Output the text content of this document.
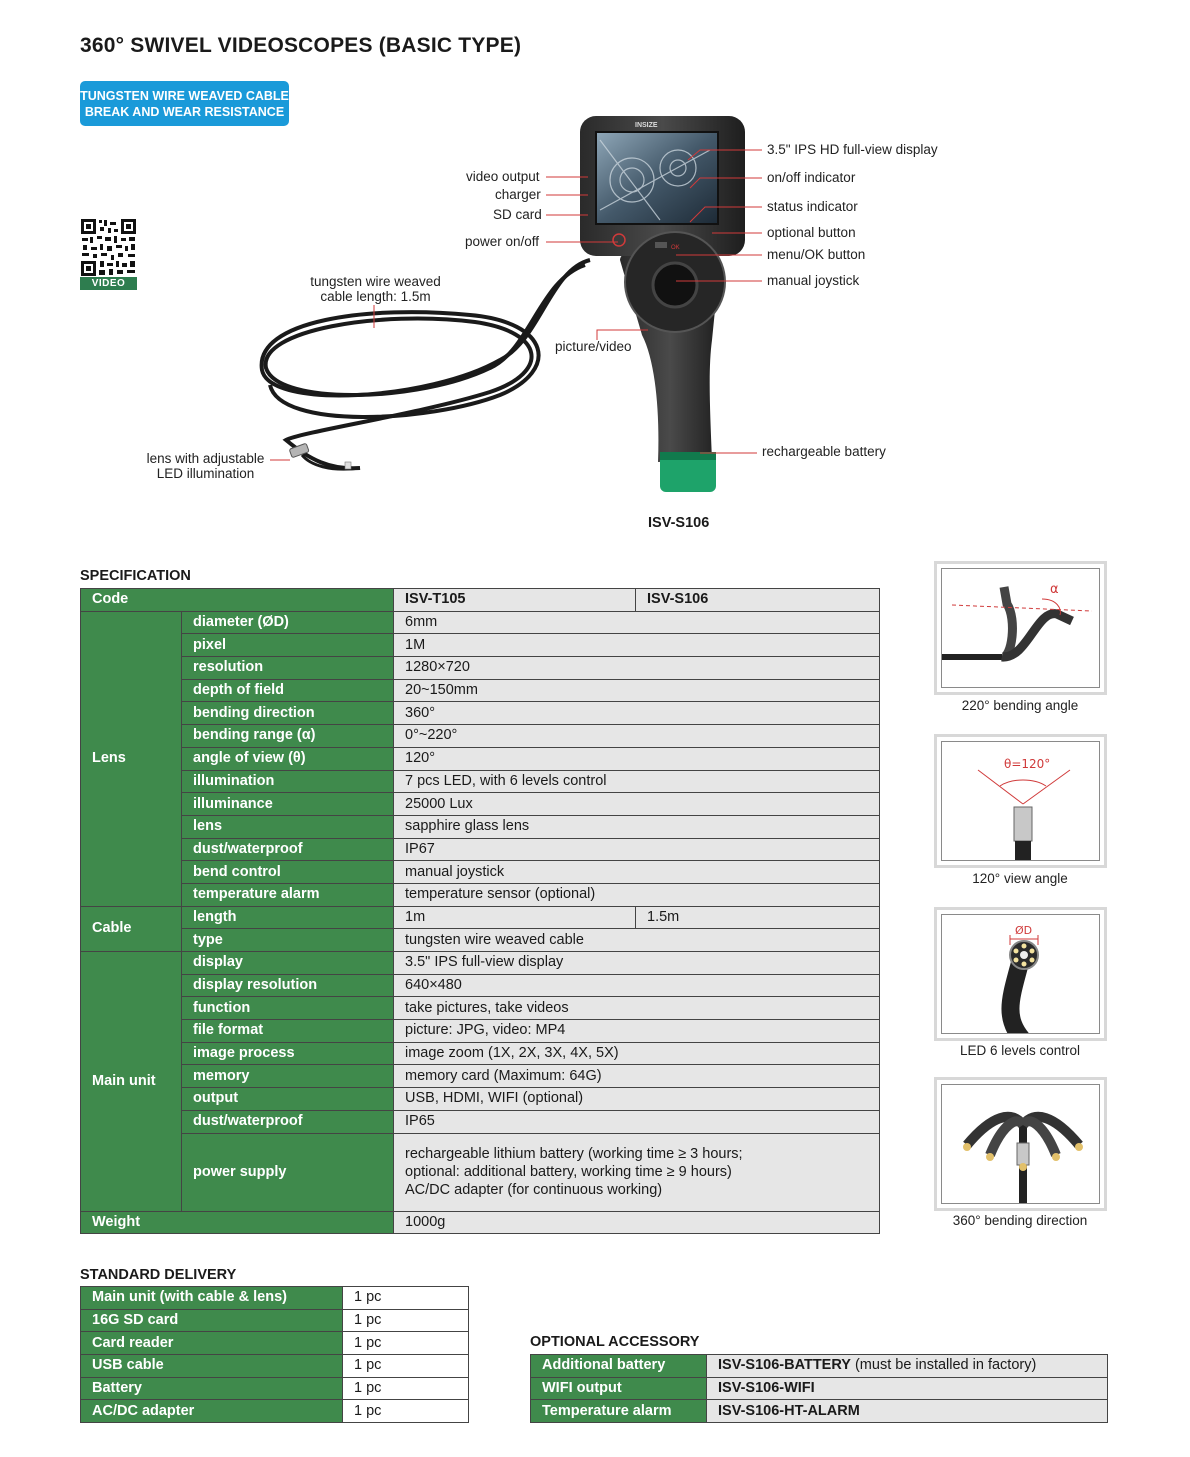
360° SWIVEL VIDEOSCOPES (BASIC TYPE)
TUNGSTEN WIRE WEAVED CABLE
BREAK AND WEAR RESISTANCE
VIDEO
INSIZE
OK
3.5" IPS HD full-view display
on/off indicator
status indicator
optional button
menu/OK button
manual joystick
video output
charger
SD card
power on/off
tungsten wire weaved
cable length: 1.5m
picture/video
rechargeable battery
lens with adjustable
LED illumination
ISV-S106
SPECIFICATION
Code		ISV-T105	ISV-S106
Lens	diameter (ØD)	6mm	
	pixel	1M	
	resolution	1280×720	
	depth of field	20~150mm	
	bending direction	360°	
	bending range (α)	0°~220°	
	angle of view (θ)	120°	
	illumination	7 pcs LED, with 6 levels control	
	illuminance	25000 Lux	
	lens	sapphire glass lens	
	dust/waterproof	IP67	
	bend control	manual joystick	
	temperature alarm	temperature sensor (optional)	
Cable	length	1m	1.5m
	type	tungsten wire weaved cable	
Main unit	display	3.5" IPS full-view display	
	display resolution	640×480	
	function	take pictures, take videos	
	file format	picture: JPG, video: MP4	
	image process	image zoom (1X, 2X, 3X, 4X, 5X)	
	memory	memory card (Maximum: 64G)	
	output	USB, HDMI, WIFI (optional)	
	dust/waterproof	IP65	
	power supply	rechargeable lithium battery (working time ≥ 3 hours;
optional: additional battery, working time ≥ 9 hours)
AC/DC adapter (for continuous working)	

Weight		1000g	
α
220° bending angle
θ=120°
120° view angle
ØD
LED 6 levels control
360° bending direction
STANDARD DELIVERY
Main unit (with cable & lens)	1 pc
16G SD card	1 pc
Card reader	1 pc
USB cable	1 pc
Battery	1 pc
AC/DC adapter	1 pc
OPTIONAL ACCESSORY
Additional battery	ISV-S106-BATTERY (must be installed in factory)
WIFI output	ISV-S106-WIFI
Temperature alarm	ISV-S106-HT-ALARM
